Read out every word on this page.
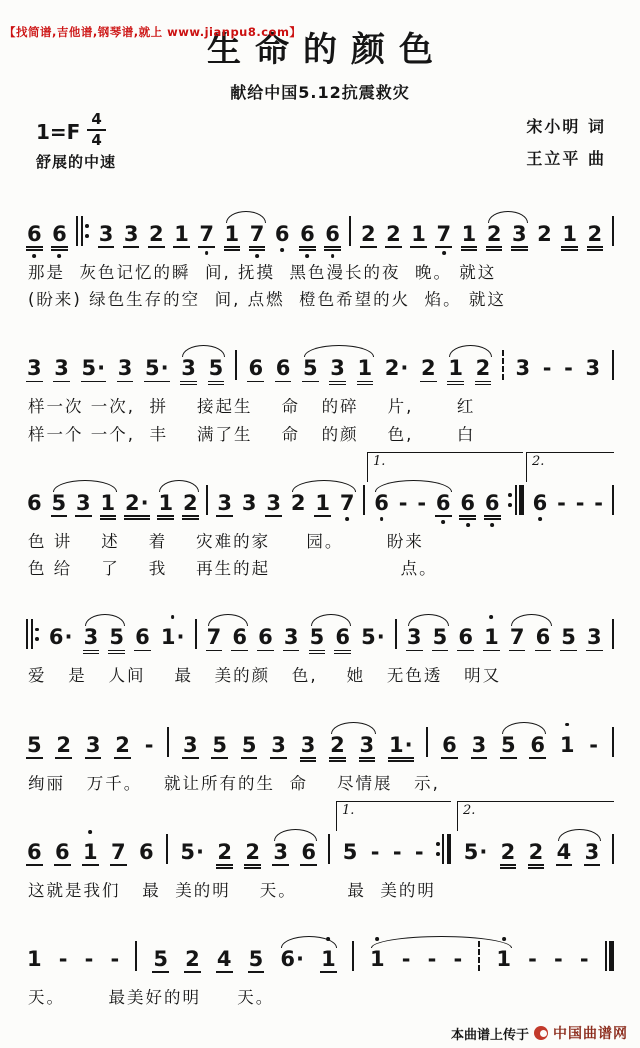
【找简谱,吉他谱,钢琴谱,就上 www.jianpu8.com】
生命的颜色
献给中国5.12抗震救灾
$1=F \frac{4}{4}$
舒展的中速
宋小明 词
王立平 曲
6 6 3 3 2 1 7 1 7 6 6 6 2 2 1 7 1 2 3 2 1 2
那是  灰色记忆的瞬  间, 抚摸  黑色漫长的夜  晚。 就这
(盼来) 绿色生存的空  间, 点燃  橙色希望的火  焰。 就这
3 3 5 · 3 5 · 3 5 6 6 5 3 1 2 · 2 1 2 3 - - 3
样一次 一次,  拼    接起生    命   的碎    片,      红
样一个 一个,  丰    满了生    命   的颜    色,      白
6 5 3 1 2 · 1 2 3 3 3 2 1 7 6 - - 6 6 6 6 - - -
1.	2.
色 讲    述    着    灾难的家     园。      盼来
色 给    了    我    再生的起                  点。
6 · 3 5 6 1 · 7 6 6 3 5 6 5 · 3 5 6 1 7 6 5 3
爱   是   人间    最   美的颜   色,    她   无色透   明又
5 2 3 2 - 3 5 5 3 3 2 3 1 · 6 3 5 6 1 -
绚丽   万千。   就让所有的生  命    尽情展   示,
6 6 1 7 6 5 · 2 2 3 6 5 - - - 5 · 2 2 4 3
1.	2.
这就是我们   最  美的明    天。       最  美的明
1 - - - 5 2 4 5 6 · 1 1 - - - 1 - - -
天。      最美好的明     天。
本曲谱上传于 中国曲谱网
